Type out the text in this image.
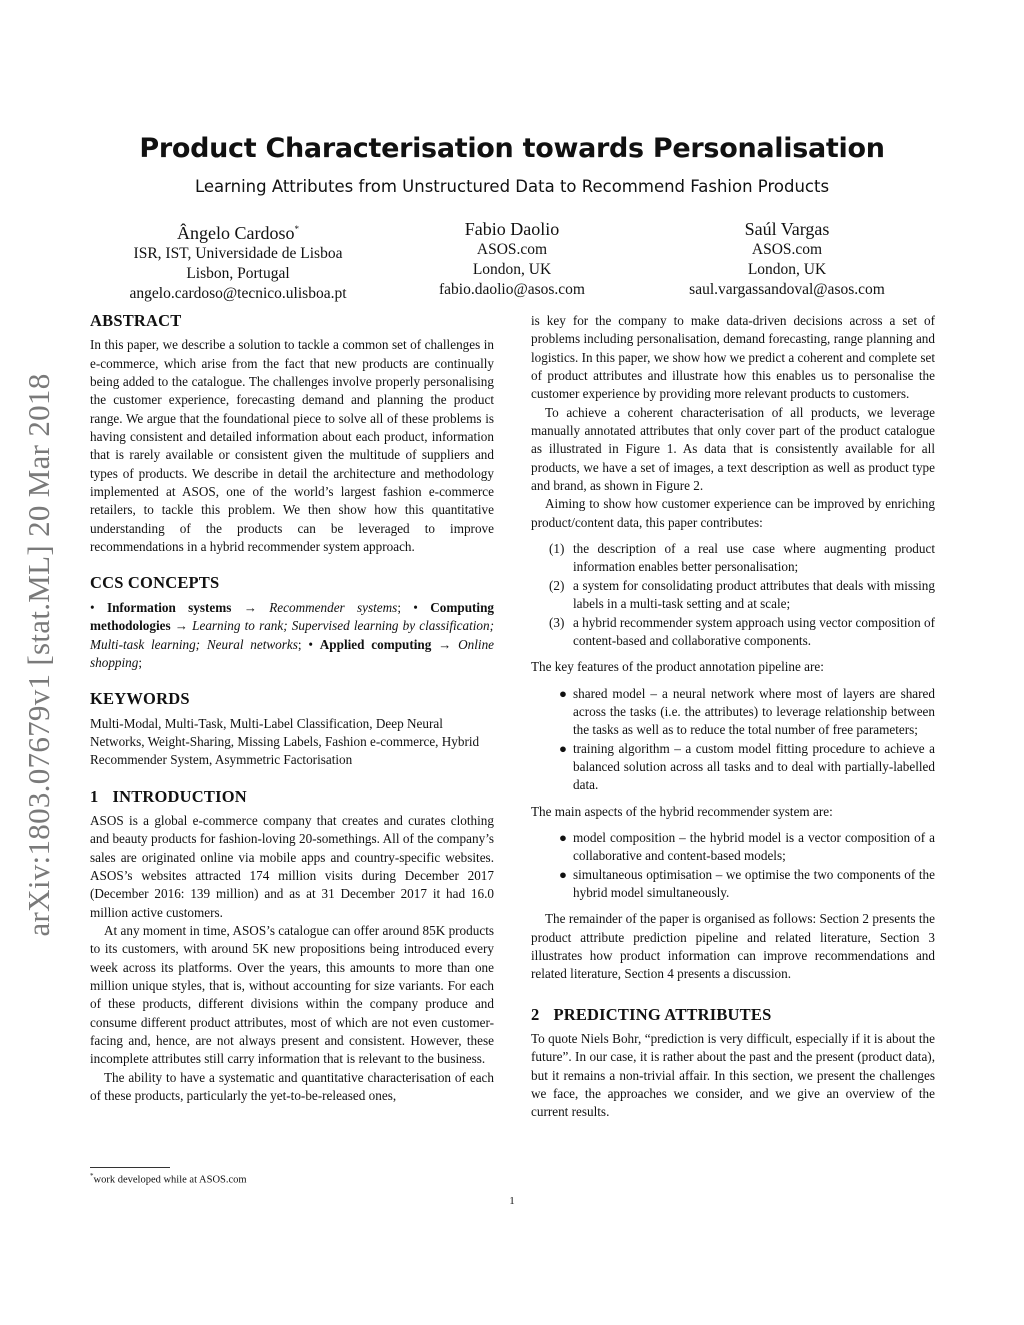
arXiv:1803.07679v1 [stat.ML] 20 Mar 2018
Product Characterisation towards Personalisation
Learning Attributes from Unstructured Data to Recommend Fashion Products
Ângelo Cardoso*
ISR, IST, Universidade de Lisboa
Lisbon, Portugal
angelo.cardoso@tecnico.ulisboa.pt
Fabio Daolio
ASOS.com
London, UK
fabio.daolio@asos.com
Saúl Vargas
ASOS.com
London, UK
saul.vargassandoval@asos.com
ABSTRACT

In this paper, we describe a solution to tackle a common set of challenges in e-commerce, which arise from the fact that new products are continually being added to the catalogue. The challenges involve properly personalising the customer experience, forecasting demand and planning the product range. We argue that the foundational piece to solve all of these problems is having consistent and detailed information about each product, information that is rarely available or consistent given the multitude of suppliers and types of products. We describe in detail the architecture and methodology implemented at ASOS, one of the world’s largest fashion e-commerce retailers, to tackle this problem. We then show how this quantitative understanding of the products can be leveraged to improve recommendations in a hybrid recommender system approach.

CCS CONCEPTS

• Information systems → Recommender systems; • Computing methodologies → Learning to rank; Supervised learning by classification; Multi-task learning; Neural networks; • Applied computing → Online shopping;

KEYWORDS

Multi-Modal, Multi-Task, Multi-Label Classification, Deep Neural Networks, Weight-Sharing, Missing Labels, Fashion e-commerce, Hybrid Recommender System, Asymmetric Factorisation

1 INTRODUCTION

ASOS is a global e-commerce company that creates and curates clothing and beauty products for fashion-loving 20-somethings. All of the company’s sales are originated online via mobile apps and country-specific websites. ASOS’s websites attracted 174 million visits during December 2017 (December 2016: 139 million) and as at 31 December 2017 it had 16.0 million active customers.

At any moment in time, ASOS’s catalogue can offer around 85K products to its customers, with around 5K new propositions being introduced every week across its platforms. Over the years, this amounts to more than one million unique styles, that is, without accounting for size variants. For each of these products, different divisions within the company produce and consume different product attributes, most of which are not even customer-facing and, hence, are not always present and consistent. However, these incomplete attributes still carry information that is relevant to the business.

The ability to have a systematic and quantitative characterisation of each of these products, particularly the yet-to-be-released ones,

is key for the company to make data-driven decisions across a set of problems including personalisation, demand forecasting, range planning and logistics. In this paper, we show how we predict a coherent and complete set of product attributes and illustrate how this enables us to personalise the customer experience by providing more relevant products to customers.

To achieve a coherent characterisation of all products, we leverage manually annotated attributes that only cover part of the product catalogue as illustrated in Figure 1. As data that is consistently available for all products, we have a set of images, a text description as well as product type and brand, as shown in Figure 2.

Aiming to show how customer experience can be improved by enriching product/content data, this paper contributes:

(1) the description of a real use case where augmenting product information enables better personalisation;
(2) a system for consolidating product attributes that deals with missing labels in a multi-task setting and at scale;
(3) a hybrid recommender system approach using vector composition of content-based and collaborative components.

The key features of the product annotation pipeline are:

● shared model – a neural network where most of layers are shared across the tasks (i.e. the attributes) to leverage relationship between the tasks as well as to reduce the total number of free parameters;
● training algorithm – a custom model fitting procedure to achieve a balanced solution across all tasks and to deal with partially-labelled data.

The main aspects of the hybrid recommender system are:

● model composition – the hybrid model is a vector composition of a collaborative and content-based models;
● simultaneous optimisation – we optimise the two components of the hybrid model simultaneously.

The remainder of the paper is organised as follows: Section 2 presents the product attribute prediction pipeline and related literature, Section 3 illustrates how product information can improve recommendations and related literature, Section 4 presents a discussion.

2 PREDICTING ATTRIBUTES

To quote Niels Bohr, “prediction is very difficult, especially if it is about the future”. In our case, it is rather about the past and the present (product data), but it remains a non-trivial affair. In this section, we present the challenges we face, the approaches we consider, and we give an overview of the current results.

*work developed while at ASOS.com
1
